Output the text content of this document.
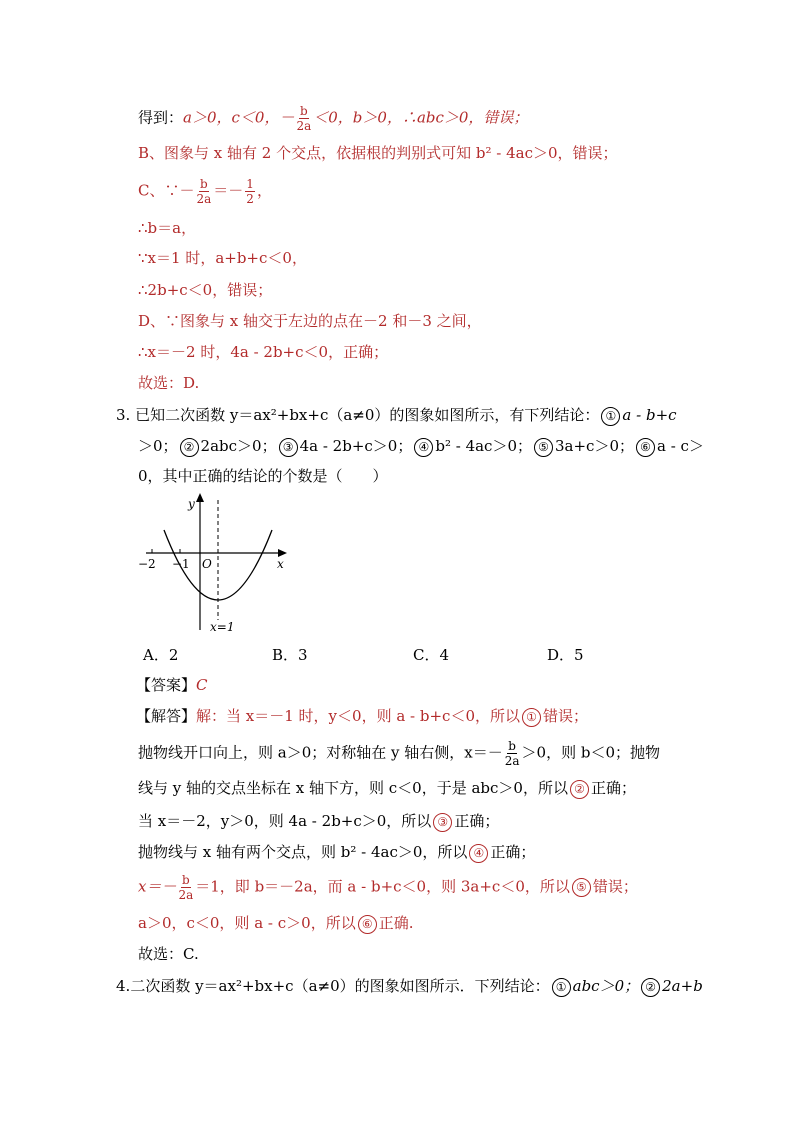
得到：a＞0，c＜0，－ $\frac{b}{2a} <0$，b＞0，∴abc＞0，错误；
B、图象与 x 轴有 2 个交点，依据根的判别式可知 b² - 4ac＞0，错误；
C、∵－ $\frac{b}{2a} =- \frac{1}{2}$ ，
∴b＝a，
∵x＝1 时，a+b+c＜0，
∴2b+c＜0，错误；
D、∵图象与 x 轴交于左边的点在－2 和－3 之间，
∴x＝－2 时，4a - 2b+c＜0，正确；
故选：D.
3. 已知二次函数 y＝ax²+bx+c（a≠0）的图象如图所示，有下列结论： ① a - b+c
＞0； ② 2abc＞0； ③ 4a - 2b+c＞0； ④ b² - 4ac＞0； ⑤ 3a+c＞0； ⑥ a - c＞
0，其中正确的结论的个数是（　　）
y
x
O
−2 −1
x=1
A．2	B．3	C．4	D．5
【答案】C
【解答】解：当 x＝－1 时，y＜0，则 a - b+c＜0，所以 ① 错误；
抛物线开口向上，则 a＞0；对称轴在 y 轴右侧，$x=- \frac{b}{2a} >0$，则 b＜0；抛物
线与 y 轴的交点坐标在 x 轴下方，则 c＜0，于是 abc＞0，所以 ② 正确；
当 x＝－2，y＞0，则 4a - 2b+c＞0，所以 ③ 正确；
抛物线与 x 轴有两个交点，则 b² - 4ac＞0，所以 ④ 正确；
$x=- \frac{b}{2a} =1$，即 b＝－2a，而 a - b+c＜0，则 3a+c＜0，所以 ⑤ 错误；
a＞0，c＜0，则 a - c＞0，所以 ⑥ 正确.
故选：C.
4.二次函数 y＝ax²+bx+c（a≠0）的图象如图所示．下列结论： ① abc＞0； ② 2a+b
